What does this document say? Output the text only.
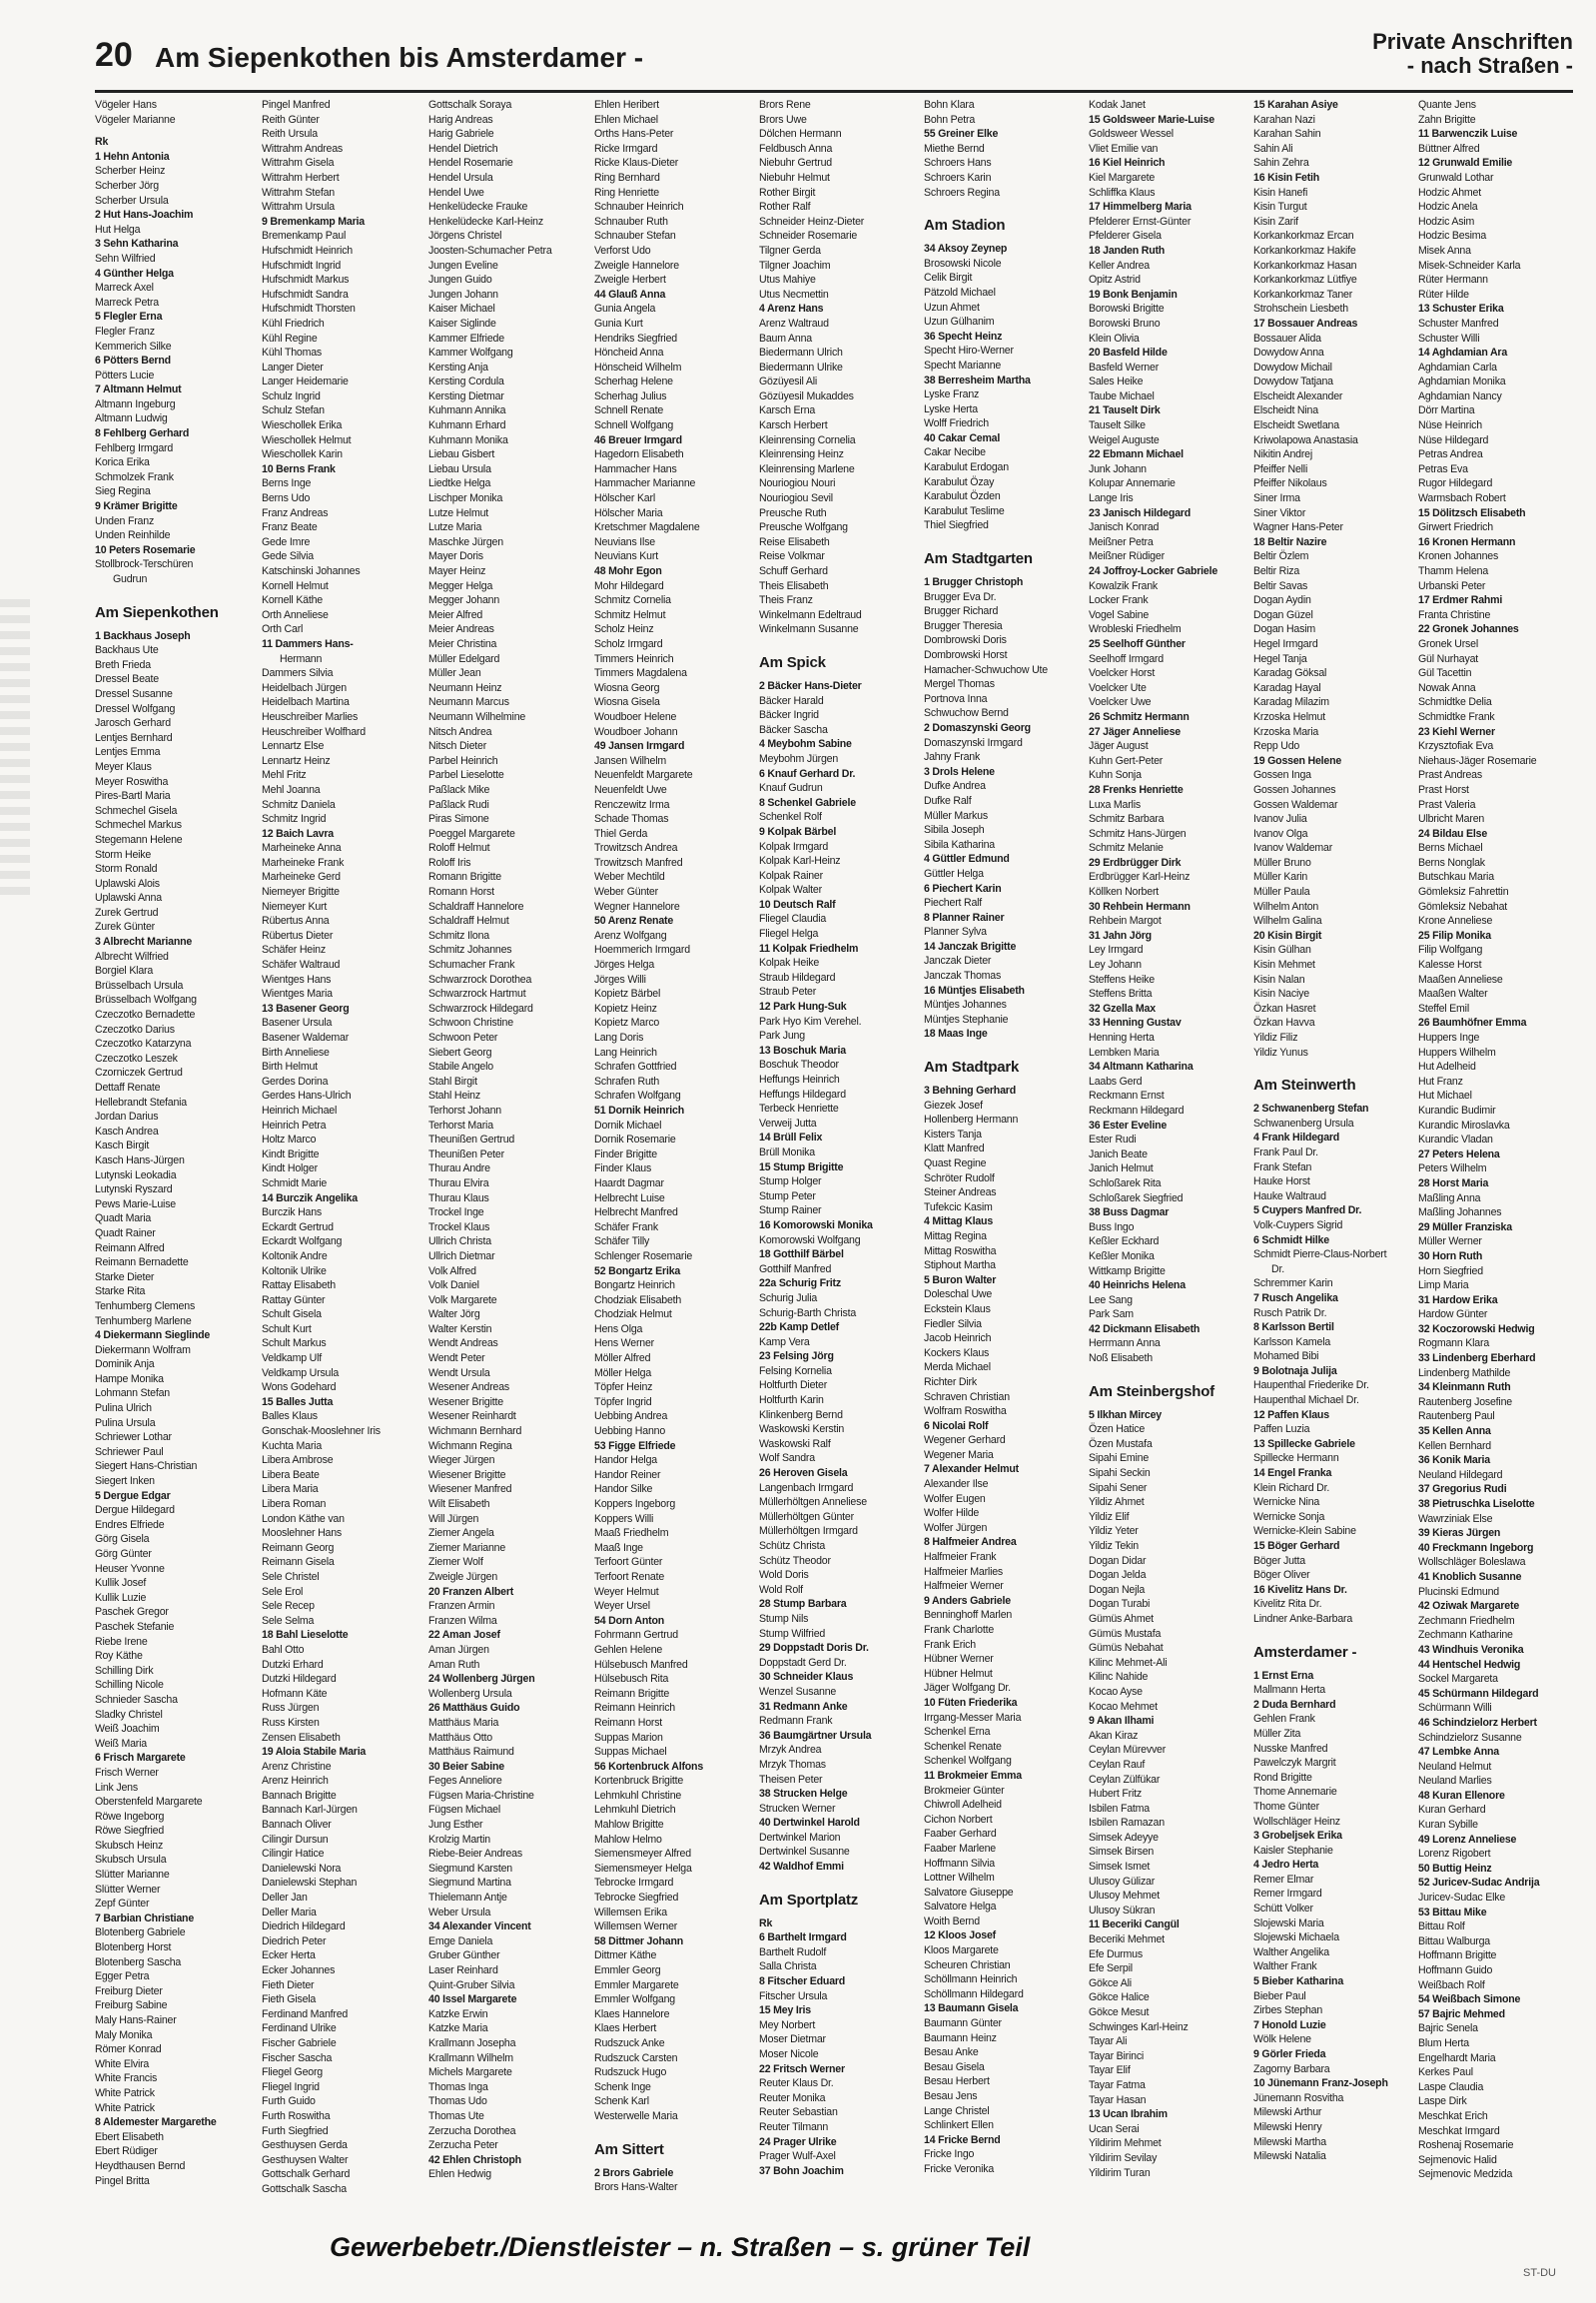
20 Am Siepenkothen bis Amsterdamer -
Private Anschriften
- nach Straßen -
Vögeler Hans
Vögeler Marianne
Rk
1 Hehn Antonia
Scherber Heinz
Scherber Jörg
Scherber Ursula
2 Hut Hans-Joachim
Hut Helga
3 Sehn Katharina
Sehn Wilfried
4 Günther Helga
Marreck Axel
Marreck Petra
5 Flegler Erna
Flegler Franz
Kemmerich Silke
6 Pötters Bernd
Pötters Lucie
7 Altmann Helmut
Altmann Ingeburg
Altmann Ludwig
8 Fehlberg Gerhard
Fehlberg Irmgard
Korica Erika
Schmolzek Frank
Sieg Regina
9 Krämer Brigitte
Unden Franz
Unden Reinhilde
10 Peters Rosemarie
Stollbrock-Terschüren
Gudrun
Am Siepenkothen
1 Backhaus Joseph
Backhaus Ute
Breth Frieda
Dressel Beate
Dressel Susanne
Dressel Wolfgang
Jarosch Gerhard
Lentjes Bernhard
Lentjes Emma
Meyer Klaus
Meyer Roswitha
Pires-Bartl Maria
Schmechel Gisela
Schmechel Markus
Stegemann Helene
Storm Heike
Storm Ronald
Uplawski Alois
Uplawski Anna
Zurek Gertrud
Zurek Günter
3 Albrecht Marianne
Albrecht Wilfried
Borgiel Klara
Brüsselbach Ursula
Brüsselbach Wolfgang
Czeczotko Bernadette
Czeczotko Darius
Czeczotko Katarzyna
Czeczotko Leszek
Czorniczek Gertrud
Dettaff Renate
Hellebrandt Stefania
Jordan Darius
Kasch Andrea
Kasch Birgit
Kasch Hans-Jürgen
Lutynski Leokadia
Lutynski Ryszard
Pews Marie-Luise
Quadt Maria
Quadt Rainer
Reimann Alfred
Reimann Bernadette
Starke Dieter
Starke Rita
Tenhumberg Clemens
Tenhumberg Marlene
4 Diekermann Sieglinde
Diekermann Wolfram
Dominik Anja
Hampe Monika
Lohmann Stefan
Pulina Ulrich
Pulina Ursula
Schriewer Lothar
Schriewer Paul
Siegert Hans-Christian
Siegert Inken
5 Dergue Edgar
Dergue Hildegard
Endres Elfriede
Görg Gisela
Görg Günter
Heuser Yvonne
Kullik Josef
Kullik Luzie
Paschek Gregor
Paschek Stefanie
Riebe Irene
Roy Käthe
Schilling Dirk
Schilling Nicole
Schnieder Sascha
Sladky Christel
Weiß Joachim
Weiß Maria
6 Frisch Margarete
Frisch Werner
Link Jens
Oberstenfeld Margarete
Röwe Ingeborg
Röwe Siegfried
Skubsch Heinz
Skubsch Ursula
Slütter Marianne
Slütter Werner
Zepf Günter
7 Barbian Christiane
Blotenberg Gabriele
Blotenberg Horst
Blotenberg Sascha
Egger Petra
Freiburg Dieter
Freiburg Sabine
Maly Hans-Rainer
Maly Monika
Römer Konrad
White Elvira
White Francis
White Patrick
White Patrick
8 Aldemester Margarethe
Ebert Elisabeth
Ebert Rüdiger
Heydthausen Bernd
Pingel Britta
Pingel Manfred
Reith Günter
Reith Ursula
Wittrahm Andreas
Wittrahm Gisela
Wittrahm Herbert
Wittrahm Stefan
Wittrahm Ursula
9 Bremenkamp Maria
Bremenkamp Paul
Hufschmidt Heinrich
Hufschmidt Ingrid
Hufschmidt Markus
Hufschmidt Sandra
Hufschmidt Thorsten
Kühl Friedrich
Kühl Regine
Kühl Thomas
Langer Dieter
Langer Heidemarie
Schulz Ingrid
Schulz Stefan
Wieschollek Erika
Wieschollek Helmut
Wieschollek Karin
10 Berns Frank
Berns Inge
Berns Udo
Franz Andreas
Franz Beate
Gede Imre
Gede Silvia
Katschinski Johannes
Kornell Helmut
Kornell Käthe
Orth Anneliese
Orth Carl
11 Dammers Hans-
Hermann
Dammers Silvia
Heidelbach Jürgen
Heidelbach Martina
Heuschreiber Marlies
Heuschreiber Wolfhard
Lennartz Else
Lennartz Heinz
Mehl Fritz
Mehl Joanna
Schmitz Daniela
Schmitz Ingrid
12 Baich Lavra
Marheineke Anna
Marheineke Frank
Marheineke Gerd
Niemeyer Brigitte
Niemeyer Kurt
Rübertus Anna
Rübertus Dieter
Schäfer Heinz
Schäfer Waltraud
Wientges Hans
Wientges Maria
13 Basener Georg
Basener Ursula
Basener Waldemar
Birth Anneliese
Birth Helmut
Gerdes Dorina
Gerdes Hans-Ulrich
Heinrich Michael
Heinrich Petra
Holtz Marco
Kindt Brigitte
Kindt Holger
Schmidt Marie
14 Burczik Angelika
Burczik Hans
Eckardt Gertrud
Eckardt Wolfgang
Koltonik Andre
Koltonik Ulrike
Rattay Elisabeth
Rattay Günter
Schult Gisela
Schult Kurt
Schult Markus
Veldkamp Ulf
Veldkamp Ursula
Wons Godehard
15 Balles Jutta
Balles Klaus
Gonschak-Mooslehner Iris
Kuchta Maria
Libera Ambrose
Libera Beate
Libera Maria
Libera Roman
London Käthe van
Mooslehner Hans
Reimann Georg
Reimann Gisela
Sele Christel
Sele Erol
Sele Recep
Sele Selma
18 Bahl Lieselotte
Bahl Otto
Dutzki Erhard
Dutzki Hildegard
Hofmann Käte
Russ Jürgen
Russ Kirsten
Zensen Elisabeth
19 Aloia Stabile Maria
Arenz Christine
Arenz Heinrich
Bannach Brigitte
Bannach Karl-Jürgen
Bannach Oliver
Cilingir Dursun
Cilingir Hatice
Danielewski Nora
Danielewski Stephan
Deller Jan
Deller Maria
Diedrich Hildegard
Diedrich Peter
Ecker Herta
Ecker Johannes
Fieth Dieter
Fieth Gisela
Ferdinand Manfred
Ferdinand Ulrike
Fischer Gabriele
Fischer Sascha
Fliegel Georg
Fliegel Ingrid
Furth Guido
Furth Roswitha
Furth Siegfried
Gesthuysen Gerda
Gesthuysen Walter
Gottschalk Gerhard
Gottschalk Sascha
Gottschalk Soraya
Harig Andreas
Harig Gabriele
Hendel Dietrich
Hendel Rosemarie
Hendel Ursula
Hendel Uwe
Henkelüdecke Frauke
Henkelüdecke Karl-Heinz
Jörgens Christel
Joosten-Schumacher Petra
Jungen Eveline
Jungen Guido
Jungen Johann
Kaiser Michael
Kaiser Siglinde
Kammer Elfriede
Kammer Wolfgang
Kersting Anja
Kersting Cordula
Kersting Dietmar
Kuhmann Annika
Kuhmann Erhard
Kuhmann Monika
Liebau Gisbert
Liebau Ursula
Liedtke Helga
Lischper Monika
Lutze Helmut
Lutze Maria
Maschke Jürgen
Mayer Doris
Mayer Heinz
Megger Helga
Megger Johann
Meier Alfred
Meier Andreas
Meier Christina
Müller Edelgard
Müller Jean
Neumann Heinz
Neumann Marcus
Neumann Wilhelmine
Nitsch Andrea
Nitsch Dieter
Parbel Heinrich
Parbel Lieselotte
Paßlack Mike
Paßlack Rudi
Piras Simone
Poeggel Margarete
Roloff Helmut
Roloff Iris
Romann Brigitte
Romann Horst
Schaldraff Hannelore
Schaldraff Helmut
Schmitz Ilona
Schmitz Johannes
Schumacher Frank
Schwarzrock Dorothea
Schwarzrock Hartmut
Schwarzrock Hildegard
Schwoon Christine
Schwoon Peter
Siebert Georg
Stabile Angelo
Stahl Birgit
Stahl Heinz
Terhorst Johann
Terhorst Maria
Theunißen Gertrud
Theunißen Peter
Thurau Andre
Thurau Elvira
Thurau Klaus
Trockel Inge
Trockel Klaus
Ullrich Christa
Ullrich Dietmar
Volk Alfred
Volk Daniel
Volk Margarete
Walter Jörg
Walter Kerstin
Wendt Andreas
Wendt Peter
Wendt Ursula
Wesener Andreas
Wesener Brigitte
Wesener Reinhardt
Wichmann Bernhard
Wichmann Regina
Wieger Jürgen
Wiesener Brigitte
Wiesener Manfred
Wilt Elisabeth
Will Jürgen
Ziemer Angela
Ziemer Marianne
Ziemer Wolf
Zweigle Jürgen
20 Franzen Albert
Franzen Armin
Franzen Wilma
22 Aman Josef
Aman Jürgen
Aman Ruth
24 Wollenberg Jürgen
Wollenberg Ursula
26 Matthäus Guido
Matthäus Maria
Matthäus Otto
Matthäus Raimund
30 Beier Sabine
Feges Anneliore
Fügsen Maria-Christine
Fügsen Michael
Jung Esther
Krolzig Martin
Riebe-Beier Andreas
Siegmund Karsten
Siegmund Martina
Thielemann Antje
Weber Ursula
34 Alexander Vincent
Emge Daniela
Gruber Günther
Laser Reinhard
Quint-Gruber Silvia
40 Issel Margarete
Katzke Erwin
Katzke Maria
Krallmann Josepha
Krallmann Wilhelm
Michels Margarete
Thomas Inga
Thomas Udo
Thomas Ute
Zerzucha Dorothea
Zerzucha Peter
42 Ehlen Christoph
Ehlen Hedwig
Ehlen Heribert
Ehlen Michael
Orths Hans-Peter
Ricke Irmgard
Ricke Klaus-Dieter
Ring Bernhard
Ring Henriette
Schnauber Heinrich
Schnauber Ruth
Schnauber Stefan
Verforst Udo
Zweigle Hannelore
Zweigle Herbert
44 Glauß Anna
Gunia Angela
Gunia Kurt
Hendriks Siegfried
Höncheid Anna
Hönscheid Wilhelm
Scherhag Helene
Scherhag Julius
Schnell Renate
Schnell Wolfgang
46 Breuer Irmgard
Hagedorn Elisabeth
Hammacher Hans
Hammacher Marianne
Hölscher Karl
Hölscher Maria
Kretschmer Magdalene
Neuvians Ilse
Neuvians Kurt
48 Mohr Egon
Mohr Hildegard
Schmitz Cornelia
Schmitz Helmut
Scholz Heinz
Scholz Irmgard
Timmers Heinrich
Timmers Magdalena
Wiosna Georg
Wiosna Gisela
Woudboer Helene
Woudboer Johann
49 Jansen Irmgard
Jansen Wilhelm
Neuenfeldt Margarete
Neuenfeldt Uwe
Renczewitz Irma
Schade Thomas
Thiel Gerda
Trowitzsch Andrea
Trowitzsch Manfred
Weber Mechtild
Weber Günter
Wegner Hannelore
50 Arenz Renate
Arenz Wolfgang
Hoemmerich Irmgard
Jörges Helga
Jörges Willi
Kopietz Bärbel
Kopietz Heinz
Kopietz Marco
Lang Doris
Lang Heinrich
Schrafen Gottfried
Schrafen Ruth
Schrafen Wolfgang
51 Dornik Heinrich
Dornik Michael
Dornik Rosemarie
Finder Brigitte
Finder Klaus
Haardt Dagmar
Helbrecht Luise
Helbrecht Manfred
Schäfer Frank
Schäfer Tilly
Schlenger Rosemarie
52 Bongartz Erika
Bongartz Heinrich
Chodziak Elisabeth
Chodziak Helmut
Hens Olga
Hens Werner
Möller Alfred
Möller Helga
Töpfer Heinz
Töpfer Ingrid
Uebbing Andrea
Uebbing Hanno
53 Figge Elfriede
Handor Helga
Handor Reiner
Handor Silke
Koppers Ingeborg
Koppers Willi
Maaß Friedhelm
Maaß Inge
Terfoort Günter
Terfoort Renate
Weyer Helmut
Weyer Ursel
54 Dorn Anton
Fohrmann Gertrud
Gehlen Helene
Hülsebusch Manfred
Hülsebusch Rita
Reimann Brigitte
Reimann Heinrich
Reimann Horst
Suppas Marion
Suppas Michael
56 Kortenbruck Alfons
Kortenbruck Brigitte
Lehmkuhl Christine
Lehmkuhl Dietrich
Mahlow Brigitte
Mahlow Helmo
Siemensmeyer Alfred
Siemensmeyer Helga
Tebrocke Irmgard
Tebrocke Siegfried
Willemsen Erika
Willemsen Werner
58 Dittmer Johann
Dittmer Käthe
Emmler Georg
Emmler Margarete
Emmler Wolfgang
Klaes Hannelore
Klaes Herbert
Rudszuck Anke
Rudszuck Carsten
Rudszuck Hugo
Schenk Inge
Schenk Karl
Westerwelle Maria
Am Sittert
2 Brors Gabriele
Brors Hans-Walter
Brors Rene
Brors Uwe
Dölchen Hermann
Feldbusch Anna
Niebuhr Gertrud
Niebuhr Helmut
Rother Birgit
Rother Ralf
Schneider Heinz-Dieter
Schneider Rosemarie
Tilgner Gerda
Tilgner Joachim
Utus Mahiye
Utus Necmettin
4 Arenz Hans
Arenz Waltraud
Baum Anna
Biedermann Ulrich
Biedermann Ulrike
Gözüyesil Ali
Gözüyesil Mukaddes
Karsch Erna
Karsch Herbert
Kleinrensing Cornelia
Kleinrensing Heinz
Kleinrensing Marlene
Nouriogiou Nouri
Nouriogiou Sevil
Preusche Ruth
Preusche Wolfgang
Reise Elisabeth
Reise Volkmar
Schuff Gerhard
Theis Elisabeth
Theis Franz
Winkelmann Edeltraud
Winkelmann Susanne
Am Spick
2 Bäcker Hans-Dieter
Bäcker Harald
Bäcker Ingrid
Bäcker Sascha
4 Meybohm Sabine
Meybohm Jürgen
6 Knauf Gerhard Dr.
Knauf Gudrun
8 Schenkel Gabriele
Schenkel Rolf
9 Kolpak Bärbel
Kolpak Irmgard
Kolpak Karl-Heinz
Kolpak Rainer
Kolpak Walter
10 Deutsch Ralf
Fliegel Claudia
Fliegel Helga
11 Kolpak Friedhelm
Kolpak Heike
Straub Hildegard
Straub Peter
12 Park Hung-Suk
Park Hyo Kim Verehel.
Park Jung
13 Boschuk Maria
Boschuk Theodor
Heffungs Heinrich
Heffungs Hildegard
Terbeck Henriette
Verweij Jutta
14 Brüll Felix
Brüll Monika
15 Stump Brigitte
Stump Holger
Stump Peter
Stump Rainer
16 Komorowski Monika
Komorowski Wolfgang
18 Gotthilf Bärbel
Gotthilf Manfred
22a Schurig Fritz
Schurig Julia
Schurig-Barth Christa
22b Kamp Detlef
Kamp Vera
23 Felsing Jörg
Felsing Kornelia
Holtfurth Dieter
Holtfurth Karin
Klinkenberg Bernd
Waskowski Kerstin
Waskowski Ralf
Wolf Sandra
26 Heroven Gisela
Langenbach Irmgard
Müllerhöltgen Anneliese
Müllerhöltgen Günter
Müllerhöltgen Irmgard
Schütz Christa
Schütz Theodor
Wold Doris
Wold Rolf
28 Stump Barbara
Stump Nils
Stump Wilfried
29 Doppstadt Doris Dr.
Doppstadt Gerd Dr.
30 Schneider Klaus
Wenzel Susanne
31 Redmann Anke
Redmann Frank
36 Baumgärtner Ursula
Mrzyk Andrea
Mrzyk Thomas
Theisen Peter
38 Strucken Helge
Strucken Werner
40 Dertwinkel Harold
Dertwinkel Marion
Dertwinkel Susanne
42 Waldhof Emmi
Am Sportplatz
Rk
6 Barthelt Irmgard
Barthelt Rudolf
Salla Christa
8 Fitscher Eduard
Fitscher Ursula
15 Mey Iris
Mey Norbert
Moser Dietmar
Moser Nicole
22 Fritsch Werner
Reuter Klaus Dr.
Reuter Monika
Reuter Sebastian
Reuter Tilmann
24 Prager Ulrike
Prager Wulf-Axel
37 Bohn Joachim
Bohn Klara
Bohn Petra
55 Greiner Elke
Miethe Bernd
Schroers Hans
Schroers Karin
Schroers Regina
Am Stadion
34 Aksoy Zeynep
Brosowski Nicole
Celik Birgit
Pätzold Michael
Uzun Ahmet
Uzun Gülhanim
36 Specht Heinz
Specht Hiro-Werner
Specht Marianne
38 Berresheim Martha
Lyske Franz
Lyske Herta
Wolff Friedrich
40 Cakar Cemal
Cakar Necibe
Karabulut Erdogan
Karabulut Özay
Karabulut Özden
Karabulut Teslime
Thiel Siegfried
Am Stadtgarten
1 Brugger Christoph
Brugger Eva Dr.
Brugger Richard
Brugger Theresia
Dombrowski Doris
Dombrowski Horst
Hamacher-Schwuchow Ute
Mergel Thomas
Portnova Inna
Schwuchow Bernd
2 Domaszynski Georg
Domaszynski Irmgard
Jahny Frank
3 Drols Helene
Dufke Andrea
Dufke Ralf
Müller Markus
Sibila Joseph
Sibila Katharina
4 Güttler Edmund
Güttler Helga
6 Piechert Karin
Piechert Ralf
8 Planner Rainer
Planner Sylva
14 Janczak Brigitte
Janczak Dieter
Janczak Thomas
16 Müntjes Elisabeth
Müntjes Johannes
Müntjes Stephanie
18 Maas Inge
Am Stadtpark
3 Behning Gerhard
Giezek Josef
Hollenberg Hermann
Kisters Tanja
Klatt Manfred
Quast Regine
Schröter Rudolf
Steiner Andreas
Tufekcic Kasim
4 Mittag Klaus
Mittag Regina
Mittag Roswitha
Stiphout Martha
5 Buron Walter
Doleschal Uwe
Eckstein Klaus
Fiedler Silvia
Jacob Heinrich
Kockers Klaus
Merda Michael
Richter Dirk
Schraven Christian
Wolfram Roswitha
6 Nicolai Rolf
Wegener Gerhard
Wegener Maria
7 Alexander Helmut
Alexander Ilse
Wolfer Eugen
Wolfer Hilde
Wolfer Jürgen
8 Halfmeier Andrea
Halfmeier Frank
Halfmeier Marlies
Halfmeier Werner
9 Anders Gabriele
Benninghoff Marlen
Frank Charlotte
Frank Erich
Hübner Werner
Hübner Helmut
Jäger Wolfgang Dr.
10 Füten Friederika
Irrgang-Messer Maria
Schenkel Erna
Schenkel Renate
Schenkel Wolfgang
11 Brokmeier Emma
Brokmeier Günter
Chiwroll Adelheid
Cichon Norbert
Faaber Gerhard
Faaber Marlene
Hoffmann Silvia
Lottner Wilhelm
Salvatore Giuseppe
Salvatore Helga
Woith Bernd
12 Kloos Josef
Kloos Margarete
Scheuren Christian
Schöllmann Heinrich
Schöllmann Hildegard
13 Baumann Gisela
Baumann Günter
Baumann Heinz
Besau Anke
Besau Gisela
Besau Herbert
Besau Jens
Lange Christel
Schlinkert Ellen
14 Fricke Bernd
Fricke Ingo
Fricke Veronika
Kodak Janet
15 Goldsweer Marie-Luise
Goldsweer Wessel
Vliet Emilie van
16 Kiel Heinrich
Kiel Margarete
Schliffka Klaus
17 Himmelberg Maria
Pfelderer Ernst-Günter
Pfelderer Gisela
18 Janden Ruth
Keller Andrea
Opitz Astrid
19 Bonk Benjamin
Borowski Brigitte
Borowski Bruno
Klein Olivia
20 Basfeld Hilde
Basfeld Werner
Sales Heike
Taube Michael
21 Tauselt Dirk
Tauselt Silke
Weigel Auguste
22 Ebmann Michael
Junk Johann
Kolupar Annemarie
Lange Iris
23 Janisch Hildegard
Janisch Konrad
Meißner Petra
Meißner Rüdiger
24 Joffroy-Locker Gabriele
Kowalzik Frank
Locker Frank
Vogel Sabine
Wrobleski Friedhelm
25 Seelhoff Günther
Seelhoff Irmgard
Voelcker Horst
Voelcker Ute
Voelcker Uwe
26 Schmitz Hermann
27 Jäger Anneliese
Jäger August
Kuhn Gert-Peter
Kuhn Sonja
28 Frenks Henriette
Luxa Marlis
Schmitz Barbara
Schmitz Hans-Jürgen
Schmitz Melanie
29 Erdbrügger Dirk
Erdbrügger Karl-Heinz
Köllken Norbert
30 Rehbein Hermann
Rehbein Margot
31 Jahn Jörg
Ley Irmgard
Ley Johann
Steffens Heike
Steffens Britta
32 Gzella Max
33 Henning Gustav
Henning Herta
Lembken Maria
34 Altmann Katharina
Laabs Gerd
Reckmann Ernst
Reckmann Hildegard
36 Ester Eveline
Ester Rudi
Janich Beate
Janich Helmut
Schloßarek Rita
Schloßarek Siegfried
38 Buss Dagmar
Buss Ingo
Keßler Eckhard
Keßler Monika
Wittkamp Brigitte
40 Heinrichs Helena
Lee Sang
Park Sam
42 Dickmann Elisabeth
Herrmann Anna
Noß Elisabeth
Am Steinbergshof
5 Ilkhan Mircey
Özen Hatice
Özen Mustafa
Sipahi Emine
Sipahi Seckin
Sipahi Sener
Yildiz Ahmet
Yildiz Elif
Yildiz Yeter
Yildiz Tekin
Dogan Didar
Dogan Jelda
Dogan Nejla
Dogan Turabi
Gümüs Ahmet
Gümüs Mustafa
Gümüs Nebahat
Kilinc Mehmet-Ali
Kilinc Nahide
Kocao Ayse
Kocao Mehmet
9 Akan Ilhami
Akan Kiraz
Ceylan Mürevver
Ceylan Rauf
Ceylan Zülfükar
Hubert Fritz
Isbilen Fatma
Isbilen Ramazan
Simsek Adeyye
Simsek Birsen
Simsek Ismet
Ulusoy Gülizar
Ulusoy Mehmet
Ulusoy Sükran
11 Beceriki Cangül
Beceriki Mehmet
Efe Durmus
Efe Serpil
Gökce Ali
Gökce Halice
Gökce Mesut
Schwinges Karl-Heinz
Tayar Ali
Tayar Birinci
Tayar Elif
Tayar Fatma
Tayar Hasan
13 Ucan Ibrahim
Ucan Serai
Yildirim Mehmet
Yildirim Sevilay
Yildirim Turan
15 Karahan Asiye
Karahan Nazi
Karahan Sahin
Sahin Ali
Sahin Zehra
16 Kisin Fetih
Kisin Hanefi
Kisin Turgut
Kisin Zarif
Korkankorkmaz Ercan
Korkankorkmaz Hakife
Korkankorkmaz Hasan
Korkankorkmaz Lütfiye
Korkankorkmaz Taner
Strohschein Liesbeth
17 Bossauer Andreas
Bossauer Alida
Dowydow Anna
Dowydow Michail
Dowydow Tatjana
Elscheidt Alexander
Elscheidt Nina
Elscheidt Swetlana
Kriwolapowa Anastasia
Nikitin Andrej
Pfeiffer Nelli
Pfeiffer Nikolaus
Siner Irma
Siner Viktor
Wagner Hans-Peter
18 Beltir Nazire
Beltir Özlem
Beltir Riza
Beltir Savas
Dogan Aydin
Dogan Güzel
Dogan Hasim
Hegel Irmgard
Hegel Tanja
Karadag Göksal
Karadag Hayal
Karadag Milazim
Krzoska Helmut
Krzoska Maria
Repp Udo
19 Gossen Helene
Gossen Inga
Gossen Johannes
Gossen Waldemar
Ivanov Julia
Ivanov Olga
Ivanov Waldemar
Müller Bruno
Müller Karin
Müller Paula
Wilhelm Anton
Wilhelm Galina
20 Kisin Birgit
Kisin Gülhan
Kisin Mehmet
Kisin Nalan
Kisin Naciye
Özkan Hasret
Özkan Havva
Yildiz Filiz
Yildiz Yunus
Am Steinwerth
2 Schwanenberg Stefan
Schwanenberg Ursula
4 Frank Hildegard
Frank Paul Dr.
Frank Stefan
Hauke Horst
Hauke Waltraud
5 Cuypers Manfred Dr.
Volk-Cuypers Sigrid
6 Schmidt Hilke
Schmidt Pierre-Claus-Norbert
Dr.
Schremmer Karin
7 Rusch Angelika
Rusch Patrik Dr.
8 Karlsson Bertil
Karlsson Kamela
Mohamed Bibi
9 Bolotnaja Julija
Haupenthal Friederike Dr.
Haupenthal Michael Dr.
12 Paffen Klaus
Paffen Luzia
13 Spillecke Gabriele
Spillecke Hermann
14 Engel Franka
Klein Richard Dr.
Wernicke Nina
Wernicke Sonja
Wernicke-Klein Sabine
15 Böger Gerhard
Böger Jutta
Böger Oliver
16 Kivelitz Hans Dr.
Kivelitz Rita Dr.
Lindner Anke-Barbara
Amsterdamer -
1 Ernst Erna
Mallmann Herta
2 Duda Bernhard
Gehlen Frank
Müller Zita
Nusske Manfred
Pawelczyk Margrit
Rond Brigitte
Thome Annemarie
Thome Günter
Wollschläger Heinz
3 Grobeljsek Erika
Kaisler Stephanie
4 Jedro Herta
Remer Elmar
Remer Irmgard
Schütt Volker
Slojewski Maria
Slojewski Michaela
Walther Angelika
Walther Frank
5 Bieber Katharina
Bieber Paul
Zirbes Stephan
7 Honold Luzie
Wölk Helene
9 Görler Frieda
Zagorny Barbara
10 Jünemann Franz-Joseph
Jünemann Rosvitha
Milewski Arthur
Milewski Henry
Milewski Martha
Milewski Natalia
Quante Jens
Zahn Brigitte
11 Barwenczik Luise
Büttner Alfred
12 Grunwald Emilie
Grunwald Lothar
Hodzic Ahmet
Hodzic Anela
Hodzic Asim
Hodzic Besima
Misek Anna
Misek-Schneider Karla
Rüter Hermann
Rüter Hilde
13 Schuster Erika
Schuster Manfred
Schuster Willi
14 Aghdamian Ara
Aghdamian Carla
Aghdamian Monika
Aghdamian Nancy
Dörr Martina
Nüse Heinrich
Nüse Hildegard
Petras Andrea
Petras Eva
Rugor Hildegard
Warmsbach Robert
15 Dölitzsch Elisabeth
Girwert Friedrich
16 Kronen Hermann
Kronen Johannes
Thamm Helena
Urbanski Peter
17 Erdmer Rahmi
Franta Christine
22 Gronek Johannes
Gronek Ursel
Gül Nurhayat
Gül Tacettin
Nowak Anna
Schmidtke Delia
Schmidtke Frank
23 Kiehl Werner
Krzysztofiak Eva
Niehaus-Jäger Rosemarie
Prast Andreas
Prast Horst
Prast Valeria
Ulbricht Maren
24 Bildau Else
Berns Michael
Berns Nonglak
Butschkau Maria
Gömleksiz Fahrettin
Gömleksiz Nebahat
Krone Anneliese
25 Filip Monika
Filip Wolfgang
Kalesse Horst
Maaßen Anneliese
Maaßen Walter
Steffel Emil
26 Baumhöfner Emma
Huppers Inge
Huppers Wilhelm
Hut Adelheid
Hut Franz
Hut Michael
Kurandic Budimir
Kurandic Miroslavka
Kurandic Vladan
27 Peters Helena
Peters Wilhelm
28 Horst Maria
Maßling Anna
Maßling Johannes
29 Müller Franziska
Müller Werner
30 Horn Ruth
Horn Siegfried
Limp Maria
31 Hardow Erika
Hardow Günter
32 Koczorowski Hedwig
Rogmann Klara
33 Lindenberg Eberhard
Lindenberg Mathilde
34 Kleinmann Ruth
Rautenberg Josefine
Rautenberg Paul
35 Kellen Anna
Kellen Bernhard
36 Konik Maria
Neuland Hildegard
37 Gregorius Rudi
38 Pietruschka Liselotte
Wawrziniak Else
39 Kieras Jürgen
40 Freckmann Ingeborg
Wollschläger Boleslawa
41 Knoblich Susanne
Plucinski Edmund
42 Oziwak Margarete
Zechmann Friedhelm
Zechmann Katharine
43 Windhuis Veronika
44 Hentschel Hedwig
Sockel Margareta
45 Schürmann Hildegard
Schürmann Willi
46 Schindzielorz Herbert
Schindzielorz Susanne
47 Lembke Anna
Neuland Helmut
Neuland Marlies
48 Kuran Ellenore
Kuran Gerhard
Kuran Sybille
49 Lorenz Anneliese
Lorenz Rigobert
50 Buttig Heinz
52 Juricev-Sudac Andrija
Juricev-Sudac Elke
53 Bittau Mike
Bittau Rolf
Bittau Walburga
Hoffmann Brigitte
Hoffmann Guido
Weißbach Rolf
54 Weißbach Simone
57 Bajric Mehmed
Bajric Senela
Blum Herta
Engelhardt Maria
Kerkes Paul
Laspe Claudia
Laspe Dirk
Meschkat Erich
Meschkat Irmgard
Roshenaj Rosemarie
Sejmenovic Halid
Sejmenovic Medzida
Gewerbebetr./Dienstleister – n. Straßen – s. grüner Teil
ST-DU
